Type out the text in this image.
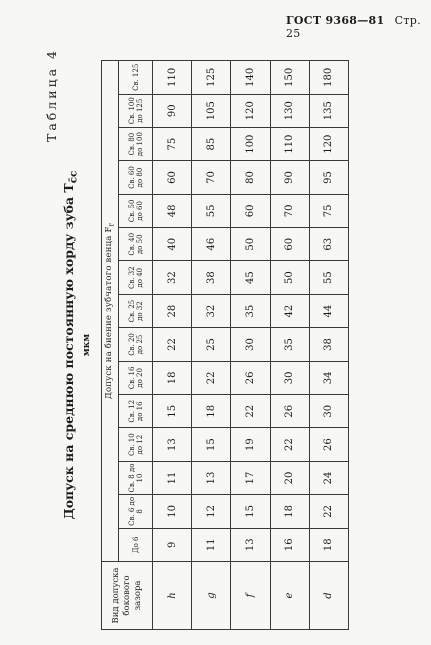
ГОСТ 9368—81 Стр. 25
Таблица 4
Допуск на среднюю постоянную хорду зуба $T_{c̄c}$
мкм
Вид допуска бокового зазора	Допуск на биение зубчатого венца $F_r$
	До 6	Св. 6 до 8	Св. 8 до 10	Св. 10 до 12	Св. 12 до 16	Св. 16 до 20	Св. 20 до 25	Св. 25 до 32	Св. 32 до 40	Св. 40 до 50	Св. 50 до 60	Св. 60 до 80	Св. 80 до 100	Св. 100 до 125	Св. 125
h	9	10	11	13	15	18	22	28	32	40	48	60	75	90	110
g	11	12	13	15	18	22	25	32	38	46	55	70	85	105	125
f	13	15	17	19	22	26	30	35	45	50	60	80	100	120	140
e	16	18	20	22	26	30	35	42	50	60	70	90	110	130	150
d	18	22	24	26	30	34	38	44	55	63	75	95	120	135	180
